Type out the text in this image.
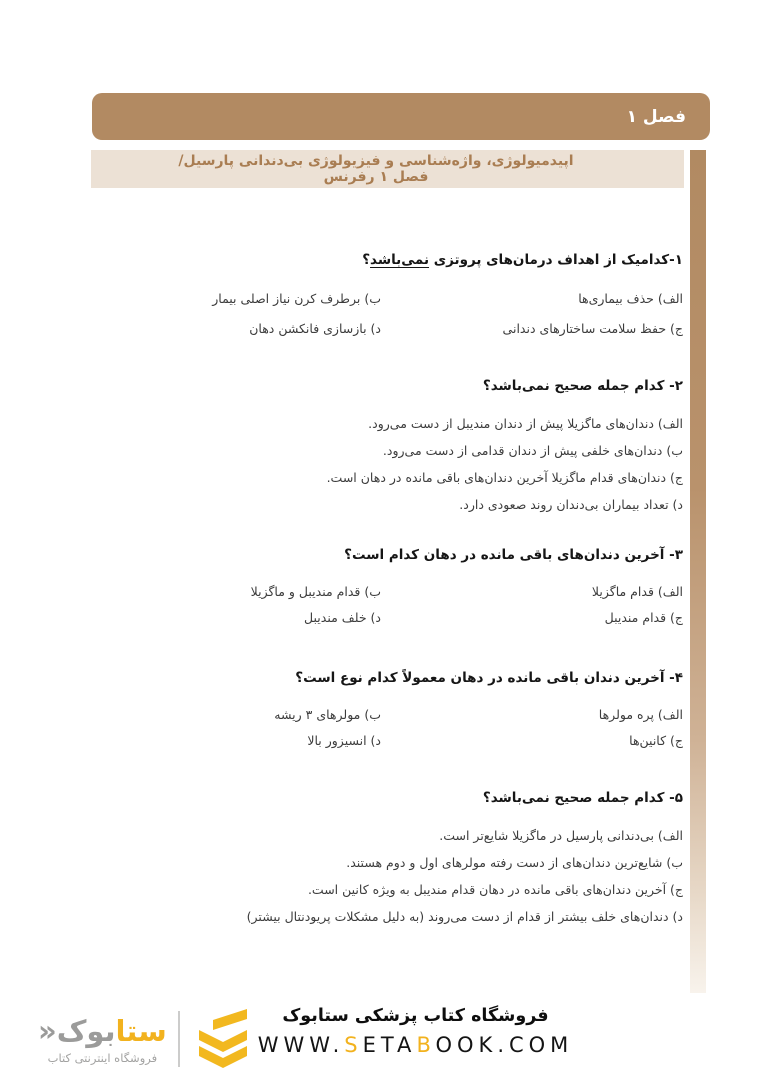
فصل ۱
اپیدمیولوژی، واژه‌شناسی و فیزیولوژی بی‌دندانی پارسیل/فصل ۱ رفرنس
۱-کدامیک از اهداف درمان‌های پروتزی نمی‌باشد؟
الف) حذف بیماری‌ها
ب) برطرف کرن نیاز اصلی بیمار
ج) حفظ سلامت ساختارهای دندانی
د) بازسازی فانکشن دهان
۲- کدام جمله صحیح نمی‌باشد؟
الف) دندان‌های ماگزیلا پیش از دندان مندیبل از دست می‌رود.
ب) دندان‌های خلفی پیش از دندان قدامی از دست می‌رود.
ج) دندان‌های قدام ماگزیلا آخرین دندان‌های باقی مانده در دهان است.
د) تعداد بیماران بی‌دندان روند صعودی دارد.
۳- آخرین دندان‌های باقی مانده در دهان کدام است؟
الف) قدام ماگزیلا
ب) قدام مندیبل و ماگزیلا
ج) قدام مندیبل
د) خلف مندیبل
۴- آخرین دندان باقی مانده در دهان معمولاً کدام نوع است؟
الف) پره مولرها
ب) مولرهای ۳ ریشه
ج) کانین‌ها
د) انسیزور بالا
۵- کدام جمله صحیح نمی‌باشد؟
الف) بی‌دندانی پارسیل در ماگزیلا شایع‌تر است.
ب) شایع‌ترین دندان‌های از دست رفته مولرهای اول و دوم هستند.
ج) آخرین دندان‌های باقی مانده در دهان قدام مندیبل به ویژه کانین است.
د) دندان‌های خلف بیشتر از قدام از دست می‌روند (به دلیل مشکلات پریودنتال بیشتر)
فروشگاه کتاب پزشکی ستابوک
WWW.SETABOOK.COM
ستابوک«
فروشگاه اینترنتی کتاب
